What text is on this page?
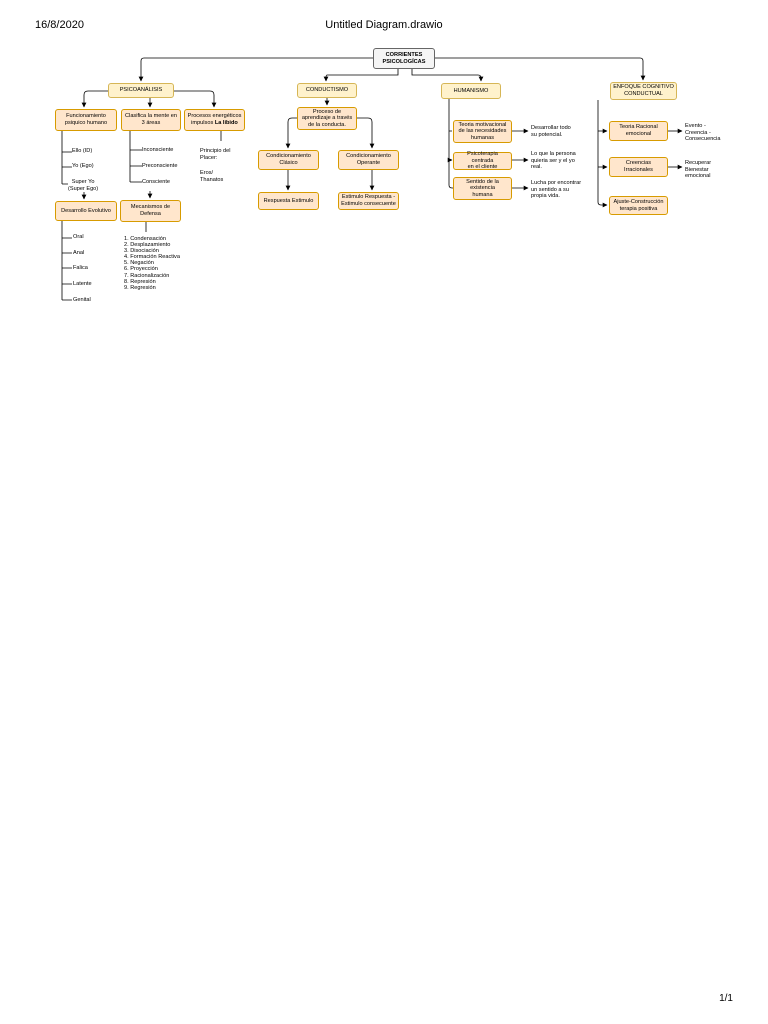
16/8/2020	Untitled Diagram.drawio
1/1
CORRIENTES
PSICOLOGÍCAS
PSICOANÁLISIS
Funcionamiento
psiquico humano
Ello (ID)
Yo (Ego)
Super Yo
(Super Ego)
Desarrollo Evolutivo
Oral
Anal
Falica
Latente
Genital
Clasifica la mente en
3 áreas
Inconsciente
Preconsciente
Consciente
Mecanismos de
Defensa
1. Condensación
2. Desplazamiento
3. Disociación
4. Formación Reactiva
5. Negación
6. Proyección
7. Racionalización
8. Represión
9. Regresión
Procesos energéticos
impulsos La libido
Principio del
Placer:
Eros/
Thanatos
CONDUCTISMO
Proceso de
aprendizaje a través
de la conducta.
Condicionamiento
Clásico
Condicionamiento
Operante
Respuesta Estimulo
Estimulo Respuesta -
Estimulo consecuente
HUMANISMO
Teoria motivacional
de las necesidades
humanas
Desarrollar todo
su potencial.
Psicoterapia centrada
en el cliente
Lo que la persona
quieria ser y el yo
real.
Sentido de la
existencia
humana
Lucha por encontrar
un sentido a su
propia vida.
ENFOQUE COGNITIVO
CONDUCTUAL
Teoria Racional
emocional
Evento -
Creencia -
Consecuencia
Creencias
Irracionales
Recuperar
Bienestar
emocional
Ajuste-Construcción
terapia positiva
